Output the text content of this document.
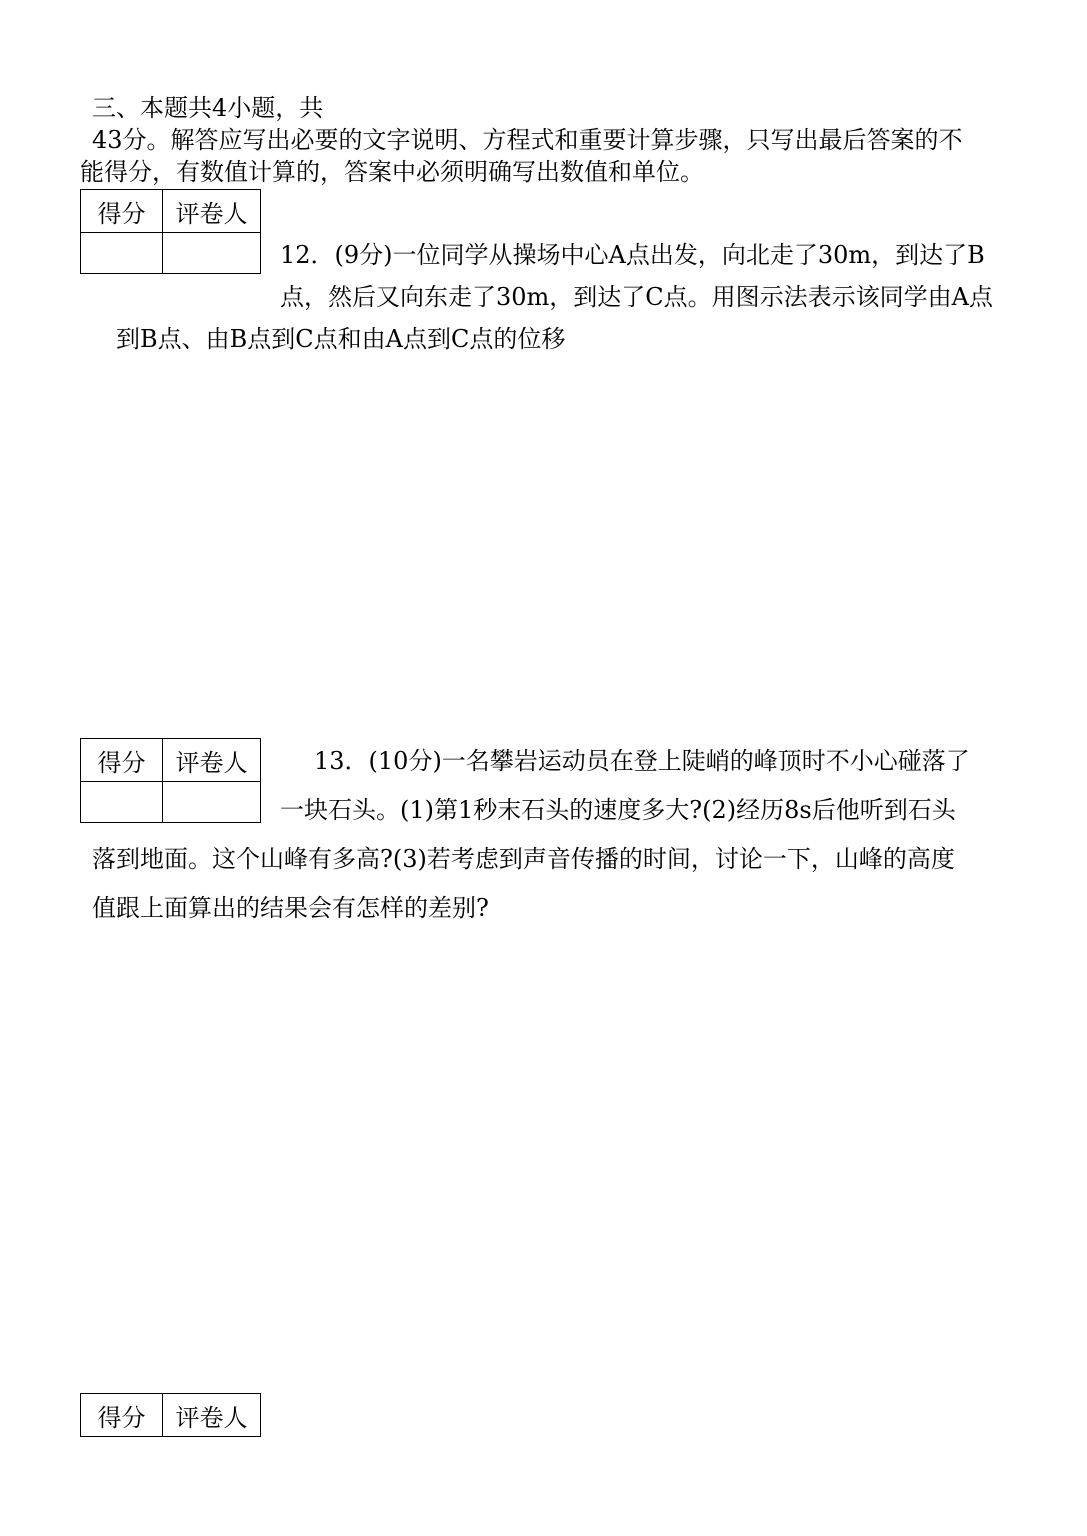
三、本题共4小题，共
43分。解答应写出必要的文字说明、方程式和重要计算步骤，只写出最后答案的不
能得分，有数值计算的，答案中必须明确写出数值和单位。
得分	评卷人

12．(9分)一位同学从操场中心A点出发，向北走了30m，到达了B
点，然后又向东走了30m，到达了C点。用图示法表示该同学由A点
到B点、由B点到C点和由A点到C点的位移
得分	评卷人
		13．(10分)一名攀岩运动员在登上陡峭的峰顶时不小心碰落了
一块石头。(1)第1秒末石头的速度多大?(2)经历8s后他听到石头
落到地面。这个山峰有多高?(3)若考虑到声音传播的时间，讨论一下，山峰的高度
值跟上面算出的结果会有怎样的差别?
得分	评卷人
